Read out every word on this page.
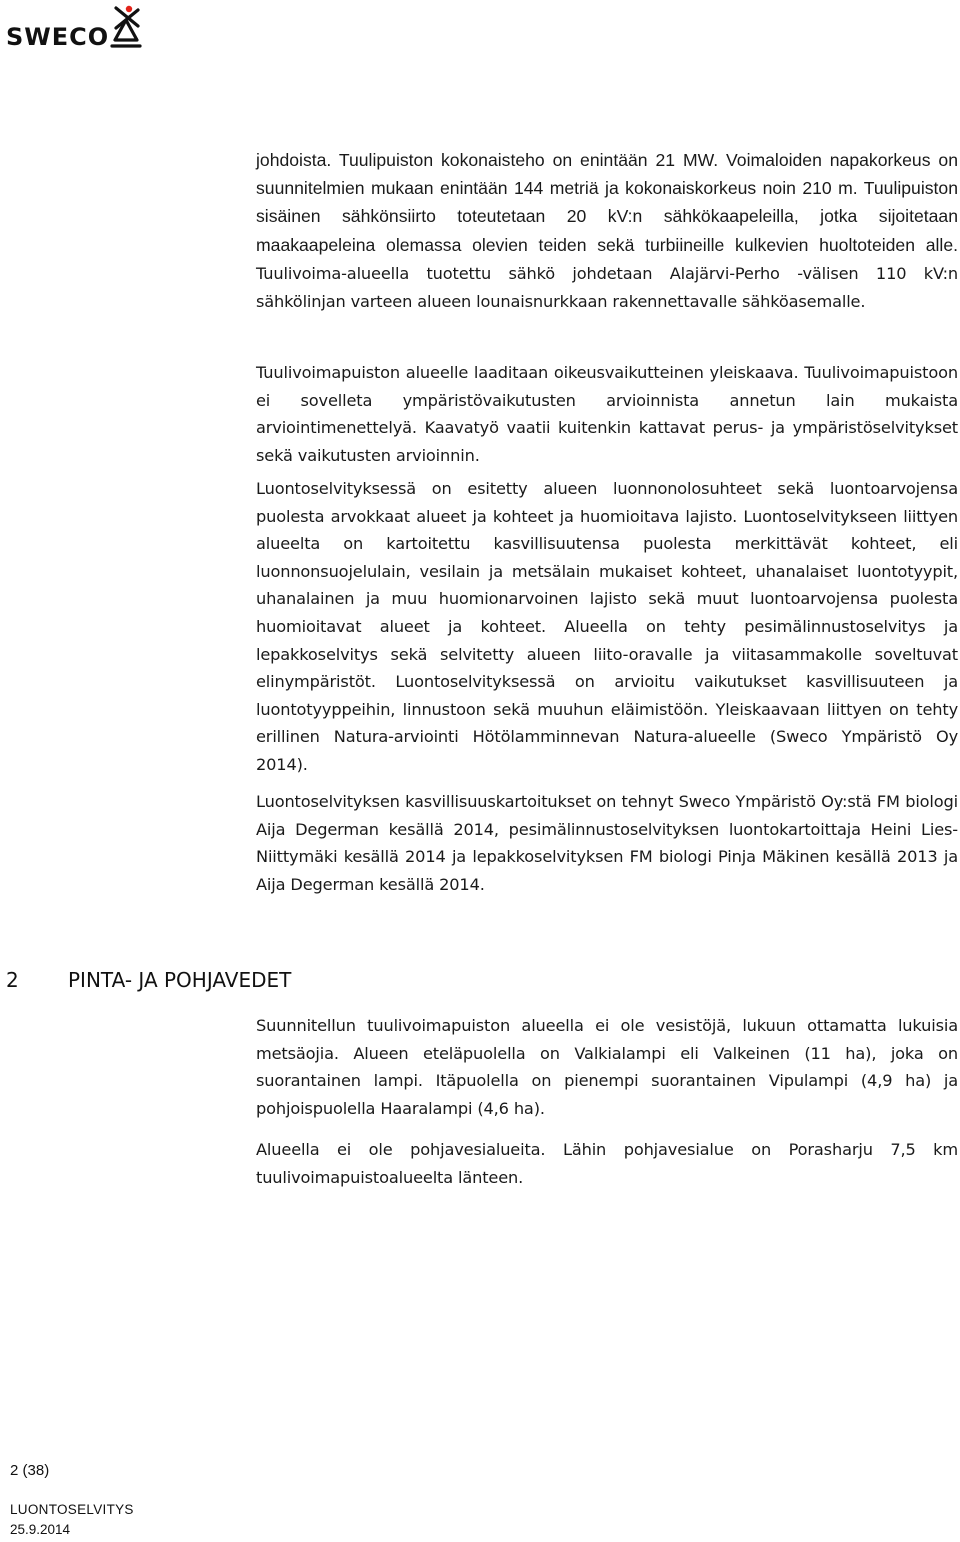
SWECO

johdoista. Tuulipuiston kokonaisteho on enintään 21 MW. Voimaloiden napakorkeus on suunnitelmien mukaan enintään 144 metriä ja kokonaiskorkeus noin 210 m. Tuulipuiston sisäinen sähkönsiirto toteutetaan 20 kV:n sähkökaapeleilla, jotka sijoitetaan maakaapeleina olemassa olevien teiden sekä turbiineille kulkevien huoltoteiden alle. Tuulivoima-alueella tuotettu sähkö johdetaan Alajärvi-Perho -välisen 110 kV:n sähkölinjan varteen alueen lounaisnurkkaan rakennettavalle sähköasemalle.

Tuulivoimapuiston alueelle laaditaan oikeusvaikutteinen yleiskaava. Tuulivoimapuistoon ei sovelleta ympäristövaikutusten arvioinnista annetun lain mukaista arviointimenettelyä. Kaavatyö vaatii kuitenkin kattavat perus- ja ympäristöselvitykset sekä vaikutusten arvioinnin.

Luontoselvityksessä on esitetty alueen luonnonolosuhteet sekä luontoarvojensa puolesta arvokkaat alueet ja kohteet ja huomioitava lajisto. Luontoselvitykseen liittyen alueelta on kartoitettu kasvillisuutensa puolesta merkittävät kohteet, eli luonnonsuojelulain, vesilain ja metsälain mukaiset kohteet, uhanalaiset luontotyypit, uhanalainen ja muu huomionarvoinen lajisto sekä muut luontoarvojensa puolesta huomioitavat alueet ja kohteet. Alueella on tehty pesimälinnustoselvitys ja lepakkoselvitys sekä selvitetty alueen liito-oravalle ja viitasammakolle soveltuvat elinympäristöt. Luontoselvityksessä on arvioitu vaikutukset kasvillisuuteen ja luontotyyppeihin, linnustoon sekä muuhun eläimistöön. Yleiskaavaan liittyen on tehty erillinen Natura-arviointi Hötölamminnevan Natura-alueelle (Sweco Ympäristö Oy 2014).

Luontoselvityksen kasvillisuuskartoitukset on tehnyt Sweco Ympäristö Oy:stä FM biologi Aija Degerman kesällä 2014, pesimälinnustoselvityksen luontokartoittaja Heini Lies-Niittymäki kesällä 2014 ja lepakkoselvityksen FM biologi Pinja Mäkinen kesällä 2013 ja Aija Degerman kesällä 2014.

2 PINTA- JA POHJAVEDET

Suunnitellun tuulivoimapuiston alueella ei ole vesistöjä, lukuun ottamatta lukuisia metsäojia. Alueen eteläpuolella on Valkialampi eli Valkeinen (11 ha), joka on suorantainen lampi. Itäpuolella on pienempi suorantainen Vipulampi (4,9 ha) ja pohjoispuolella Haaralampi (4,6 ha).

Alueella ei ole pohjavesialueita. Lähin pohjavesialue on Porasharju 7,5 km tuulivoimapuistoalueelta länteen.

2 (38)
LUONTOSELVITYS
25.9.2014
